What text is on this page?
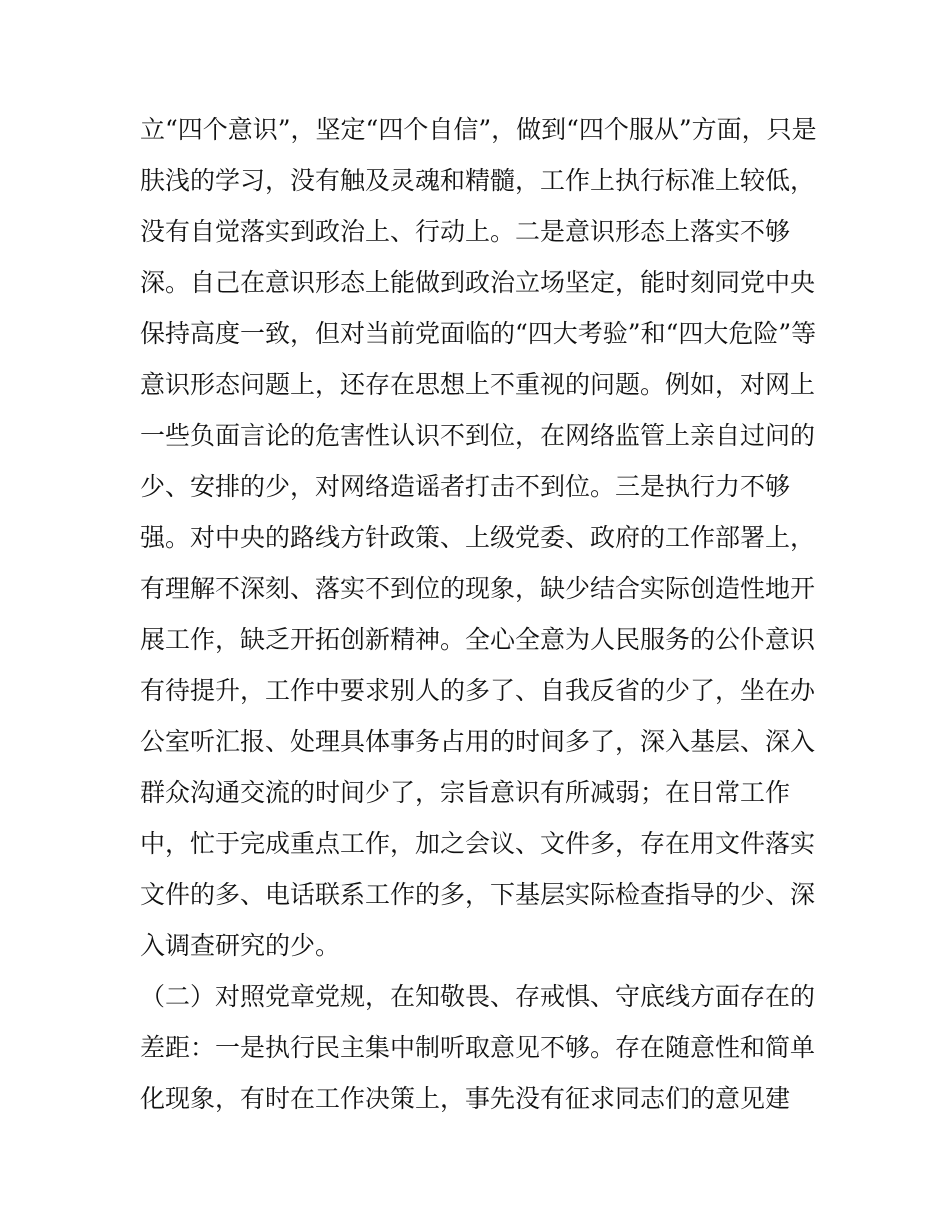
立“四个意识”，坚定“四个自信”，做到“四个服从”方面，只是
肤浅的学习，没有触及灵魂和精髓，工作上执行标准上较低，
没有自觉落实到政治上、行动上。二是意识形态上落实不够
深。自己在意识形态上能做到政治立场坚定，能时刻同党中央
保持高度一致，但对当前党面临的“四大考验”和“四大危险”等
意识形态问题上，还存在思想上不重视的问题。例如，对网上
一些负面言论的危害性认识不到位，在网络监管上亲自过问的
少、安排的少，对网络造谣者打击不到位。三是执行力不够
强。对中央的路线方针政策、上级党委、政府的工作部署上，
有理解不深刻、落实不到位的现象，缺少结合实际创造性地开
展工作，缺乏开拓创新精神。全心全意为人民服务的公仆意识
有待提升，工作中要求别人的多了、自我反省的少了，坐在办
公室听汇报、处理具体事务占用的时间多了，深入基层、深入
群众沟通交流的时间少了，宗旨意识有所减弱；在日常工作
中，忙于完成重点工作，加之会议、文件多，存在用文件落实
文件的多、电话联系工作的多，下基层实际检查指导的少、深
入调查研究的少。
（二）对照党章党规，在知敬畏、存戒惧、守底线方面存在的
差距：一是执行民主集中制听取意见不够。存在随意性和简单
化现象，有时在工作决策上，事先没有征求同志们的意见建
